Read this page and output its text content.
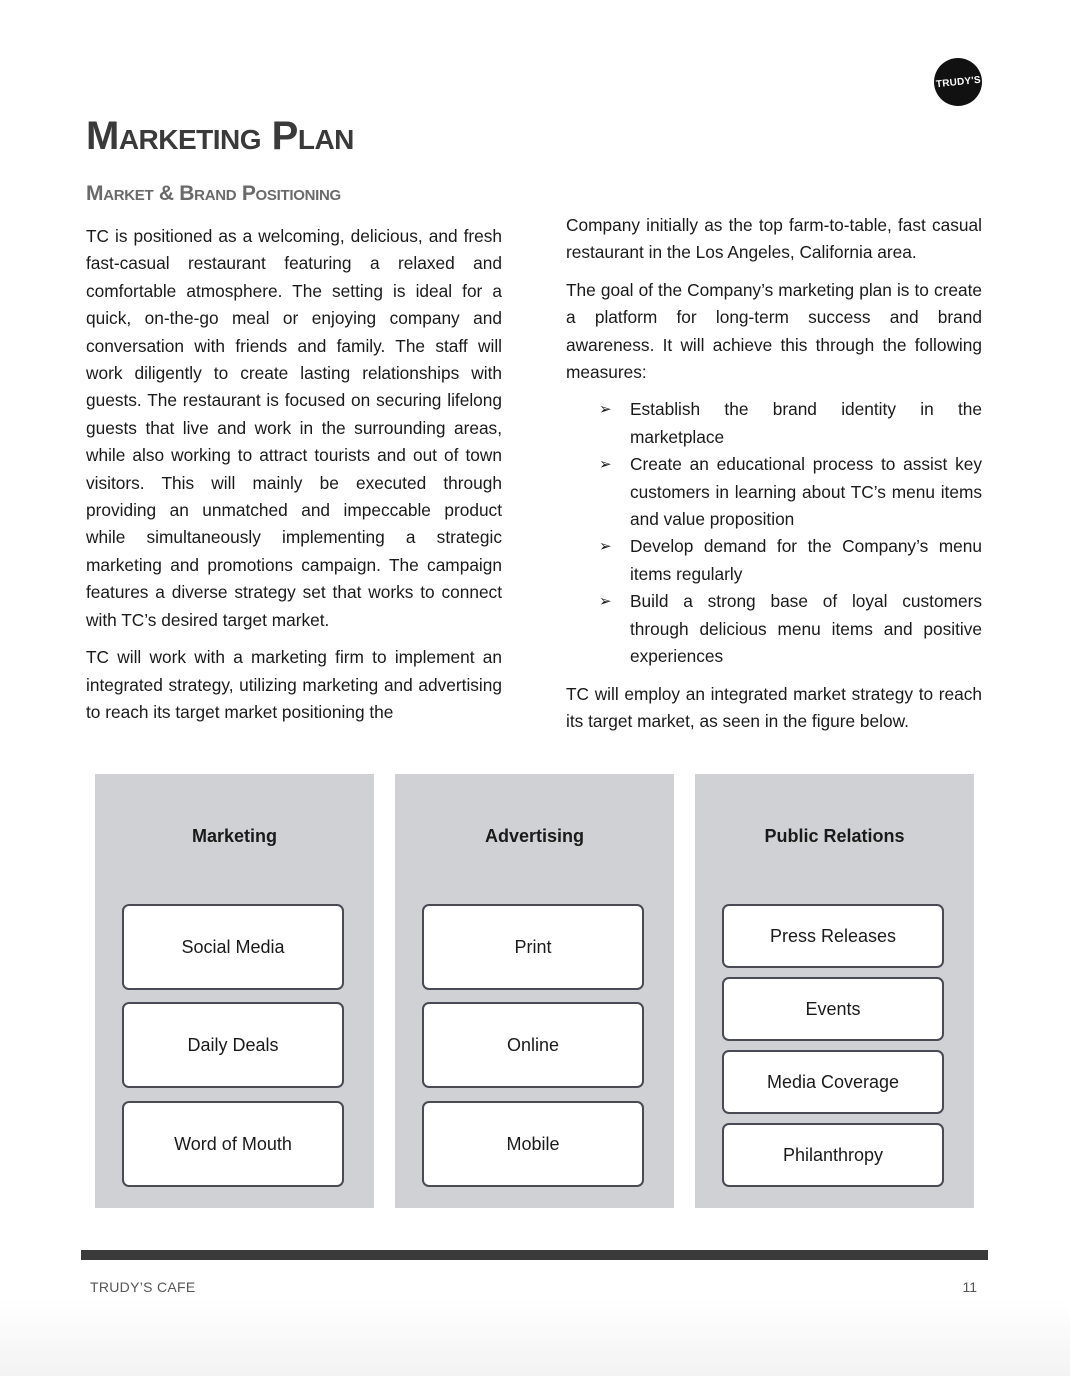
TRUDY'S
Marketing Plan
Market & Brand Positioning

TC is positioned as a welcoming, delicious, and fresh fast-casual restaurant featuring a relaxed and comfortable atmosphere. The setting is ideal for a quick, on-the-go meal or enjoying company and conversation with friends and family. The staff will work diligently to create lasting relationships with guests. The restaurant is focused on securing lifelong guests that live and work in the surrounding areas, while also working to attract tourists and out of town visitors. This will mainly be executed through providing an unmatched and impeccable product while simultaneously implementing a strategic marketing and promotions campaign. The campaign features a diverse strategy set that works to connect with TC’s desired target market.

TC will work with a marketing firm to implement an integrated strategy, utilizing marketing and advertising to reach its target market positioning the

Company initially as the top farm-to-table, fast casual restaurant in the Los Angeles, California area.

The goal of the Company’s marketing plan is to create a platform for long-term success and brand awareness. It will achieve this through the following measures:

➢ Establish the brand identity in the marketplace
➢ Create an educational process to assist key customers in learning about TC’s menu items and value proposition
➢ Develop demand for the Company’s menu items regularly
➢ Build a strong base of loyal customers through delicious menu items and positive experiences

TC will employ an integrated market strategy to reach its target market, as seen in the figure below.

Marketing
Social Media
Daily Deals
Word of Mouth
Advertising
Print
Online
Mobile
Public Relations
Press Releases
Events
Media Coverage
Philanthropy
TRUDY’S CAFE	11
